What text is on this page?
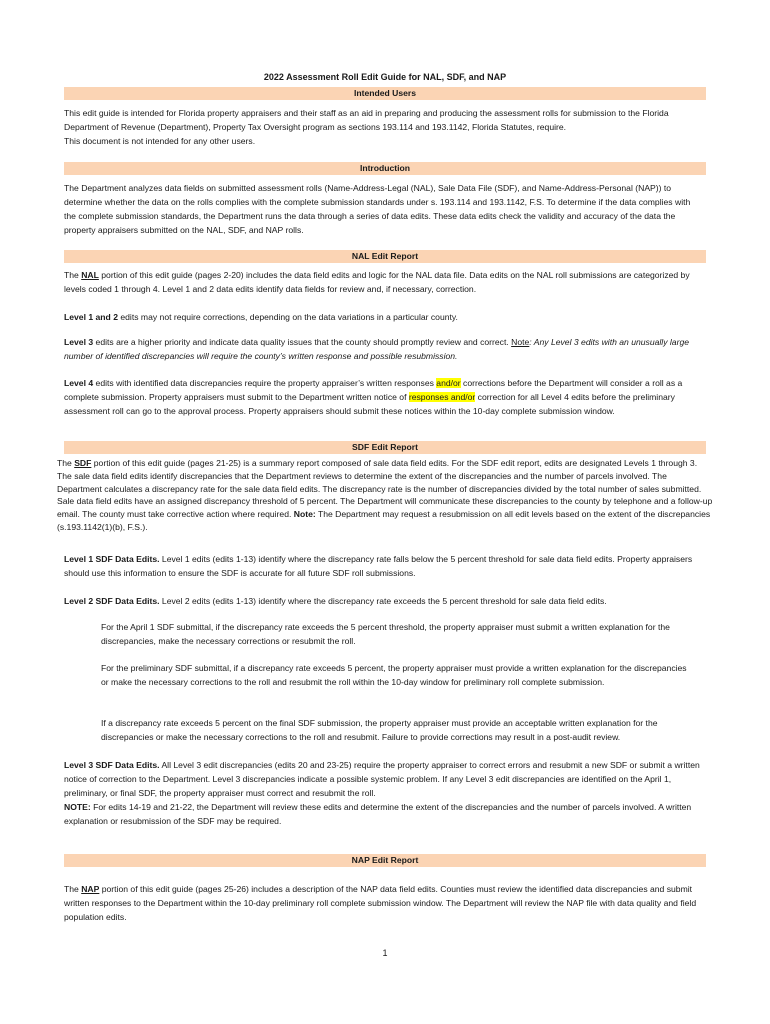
2022 Assessment Roll Edit Guide for NAL, SDF, and NAP
Intended Users

This edit guide is intended for Florida property appraisers and their staff as an aid in preparing and producing the assessment rolls for submission to the Florida Department of Revenue (Department), Property Tax Oversight program as sections 193.114 and 193.1142, Florida Statutes, require.
This document is not intended for any other users.

Introduction

The Department analyzes data fields on submitted assessment rolls (Name-Address-Legal (NAL), Sale Data File (SDF), and Name-Address-Personal (NAP)) to determine whether the data on the rolls complies with the complete submission standards under s. 193.114 and 193.1142, F.S. To determine if the data complies with the complete submission standards, the Department runs the data through a series of data edits. These data edits check the validity and accuracy of the data the property appraisers submitted on the NAL, SDF, and NAP rolls.

NAL Edit Report

The NAL portion of this edit guide (pages 2-20) includes the data field edits and logic for the NAL data file. Data edits on the NAL roll submissions are categorized by levels coded 1 through 4. Level 1 and 2 data edits identify data fields for review and, if necessary, correction.

Level 1 and 2 edits may not require corrections, depending on the data variations in a particular county.

Level 3 edits are a higher priority and indicate data quality issues that the county should promptly review and correct. Note: Any Level 3 edits with an unusually large number of identified discrepancies will require the county’s written response and possible resubmission.

Level 4 edits with identified data discrepancies require the property appraiser’s written responses and/or corrections before the Department will consider a roll as a complete submission. Property appraisers must submit to the Department written notice of responses and/or correction for all Level 4 edits before the preliminary assessment roll can go to the approval process. Property appraisers should submit these notices within the 10-day complete submission window.

SDF Edit Report

The SDF portion of this edit guide (pages 21-25) is a summary report composed of sale data field edits. For the SDF edit report, edits are designated Levels 1 through 3. The sale data field edits identify discrepancies that the Department reviews to determine the extent of the discrepancies and the number of parcels involved. The Department calculates a discrepancy rate for the sale data field edits. The discrepancy rate is the number of discrepancies divided by the total number of sales submitted. Sale data field edits have an assigned discrepancy threshold of 5 percent. The Department will communicate these discrepancies to the county by telephone and a follow-up email. The county must take corrective action where required. Note: The Department may request a resubmission on all edit levels based on the extent of the discrepancies (s.193.1142(1)(b), F.S.).

Level 1 SDF Data Edits. Level 1 edits (edits 1-13) identify where the discrepancy rate falls below the 5 percent threshold for sale data field edits. Property appraisers should use this information to ensure the SDF is accurate for all future SDF roll submissions.

Level 2 SDF Data Edits. Level 2 edits (edits 1-13) identify where the discrepancy rate exceeds the 5 percent threshold for sale data field edits.

For the April 1 SDF submittal, if the discrepancy rate exceeds the 5 percent threshold, the property appraiser must submit a written explanation for the discrepancies, make the necessary corrections or resubmit the roll.

For the preliminary SDF submittal, if a discrepancy rate exceeds 5 percent, the property appraiser must provide a written explanation for the discrepancies or make the necessary corrections to the roll and resubmit the roll within the 10-day window for preliminary roll complete submission.

If a discrepancy rate exceeds 5 percent on the final SDF submission, the property appraiser must provide an acceptable written explanation for the discrepancies or make the necessary corrections to the roll and resubmit. Failure to provide corrections may result in a post-audit review.

Level 3 SDF Data Edits. All Level 3 edit discrepancies (edits 20 and 23-25) require the property appraiser to correct errors and resubmit a new SDF or submit a written notice of correction to the Department. Level 3 discrepancies indicate a possible systemic problem. If any Level 3 edit discrepancies are identified on the April 1, preliminary, or final SDF, the property appraiser must correct and resubmit the roll.
NOTE: For edits 14-19 and 21-22, the Department will review these edits and determine the extent of the discrepancies and the number of parcels involved. A written explanation or resubmission of the SDF may be required.

NAP Edit Report

The NAP portion of this edit guide (pages 25-26) includes a description of the NAP data field edits. Counties must review the identified data discrepancies and submit written responses to the Department within the 10-day preliminary roll complete submission window. The Department will review the NAP file with data quality and field population edits.

1
